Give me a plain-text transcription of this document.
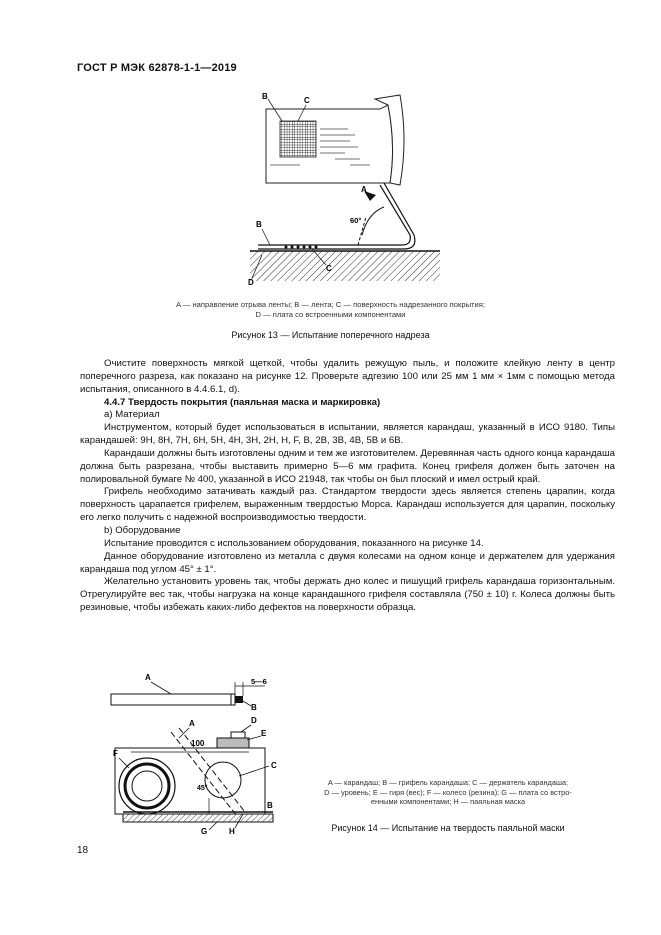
ГОСТ Р МЭК 62878-1-1—2019
B	C
A
60°
B
C
D
A — направление отрыва ленты; B — лента; C — поверхность надрезанного покрытия;
D — плата со встроенными компонентами
Рисунок 13 — Испытание поперечного надреза

Очистите поверхность мягкой щеткой, чтобы удалить режущую пыль, и положите клейкую ленту в центр поперечного разреза, как показано на рисунке 12. Проверьте адгезию 100 или 25 мм 1 мм × 1мм с помощью метода испытания, описанного в 4.4.6.1, d).

4.4.7 Твердость покрытия (паяльная маска и маркировка)

a) Материал

Инструментом, который будет использоваться в испытании, является карандаш, указанный в ИСО 9180. Типы карандашей: 9H, 8H, 7H, 6H, 5H, 4H, 3H, 2H, H, F, B, 2B, 3B, 4B, 5B и 6B.

Карандаши должны быть изготовлены одним и тем же изготовителем. Деревянная часть одного конца карандаша должна быть разрезана, чтобы выставить примерно 5—6 мм графита. Конец грифеля должен быть заточен на полировальной бумаге № 400, указанной в ИСО 21948, так чтобы он был плоский и имел острый край.

Грифель необходимо затачивать каждый раз. Стандартом твердости здесь является степень царапин, когда поверхность царапается грифелем, выраженным твердостью Морса. Карандаш используется для царапин, поскольку его легко получить с надежной воспроизводимостью твердости.

b) Оборудование

Испытание проводится с использованием оборудования, показанного на рисунке 14.

Данное оборудование изготовлено из металла с двумя колесами на одном конце и держателем для удержания карандаша под углом 45° ± 1°.

Желательно установить уровень так, чтобы держать дно колес и пишущий грифель карандаша горизонтальным. Отрегулируйте вес так, чтобы нагрузка на конце карандашного грифеля составляла (750 ± 10) г. Колеса должны быть резиновые, чтобы избежать каких-либо дефектов на поверхности образца.

5—6
A
B
D
E
100
F
C
A
45°
B
G	H
A — карандаш; B — грифель карандаша; C — держатель карандаша;
D — уровень; E — гиря (вес); F — колесо (резина); G — плата со встро-
енными компонентами; H — паяльная маска
Рисунок 14 — Испытание на твердость паяльной маски
18
